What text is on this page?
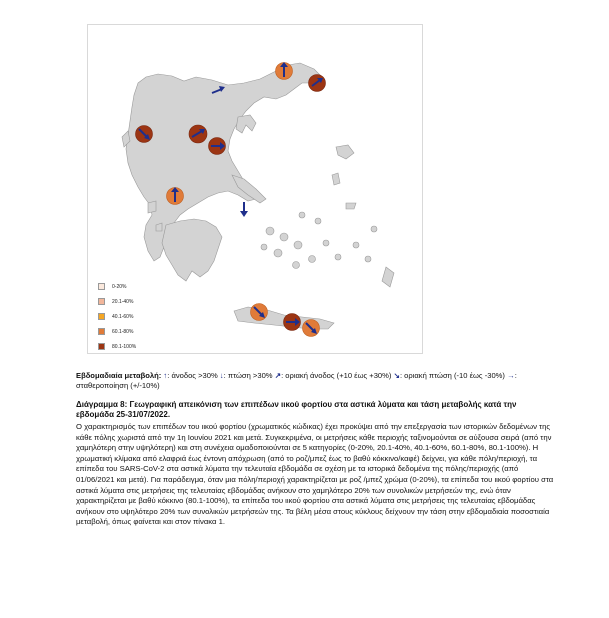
0-20%
20.1-40%
40.1-60%
60.1-80%
80.1-100%
Εβδομαδιαία μεταβολή: ↑: άνοδος >30% ↓: πτώση >30% ↗: οριακή άνοδος (+10 έως +30%) ↘: οριακή πτώση (-10 έως -30%) →: σταθεροποίηση (+/-10%)
Διάγραμμα 8: Γεωγραφική απεικόνιση των επιπέδων ιικού φορτίου στα αστικά λύματα και τάση μεταβολής κατά την εβδομάδα 25-31/07/2022.
Ο χαρακτηρισμός των επιπέδων του ιικού φορτίου (χρωματικός κώδικας) έχει προκύψει από την επεξεργασία των ιστορικών δεδομένων της κάθε πόλης χωριστά από την 1η Ιουνίου 2021 και μετά. Συγκεκριμένα, οι μετρήσεις κάθε περιοχής ταξινομούνται σε αύξουσα σειρά (από την χαμηλότερη στην υψηλότερη) και στη συνέχεια ομαδοποιούνται σε 5 κατηγορίες (0-20%, 20.1-40%, 40.1-60%, 60.1-80%, 80.1-100%). Η χρωματική κλίμακα από ελαφριά έως έντονη απόχρωση (από το ροζ/μπεζ έως το βαθύ κόκκινο/καφέ) δείχνει, για κάθε πόλη/περιοχή, τα επίπεδα του SARS-CoV-2 στα αστικά λύματα την τελευταία εβδομάδα σε σχέση με τα ιστορικά δεδομένα της πόλης/περιοχής (από 01/06/2021 και μετά). Για παράδειγμα, όταν μια πόλη/περιοχή χαρακτηρίζεται με ροζ /μπεζ χρώμα (0-20%), τα επίπεδα του ιικού φορτίου στα αστικά λύματα στις μετρήσεις της τελευταίας εβδομάδας ανήκουν στο χαμηλότερο 20% των συνολικών μετρήσεών της, ενώ όταν χαρακτηρίζεται με βαθύ κόκκινο (80.1-100%), τα επίπεδα του ιικού φορτίου στα αστικά λύματα στις μετρήσεις της τελευταίας εβδομάδας ανήκουν στο υψηλότερο 20% των συνολικών μετρήσεών της. Τα βέλη μέσα στους κύκλους δείχνουν την τάση στην εβδομαδιαία ποσοστιαία μεταβολή, όπως φαίνεται και στον πίνακα 1.
